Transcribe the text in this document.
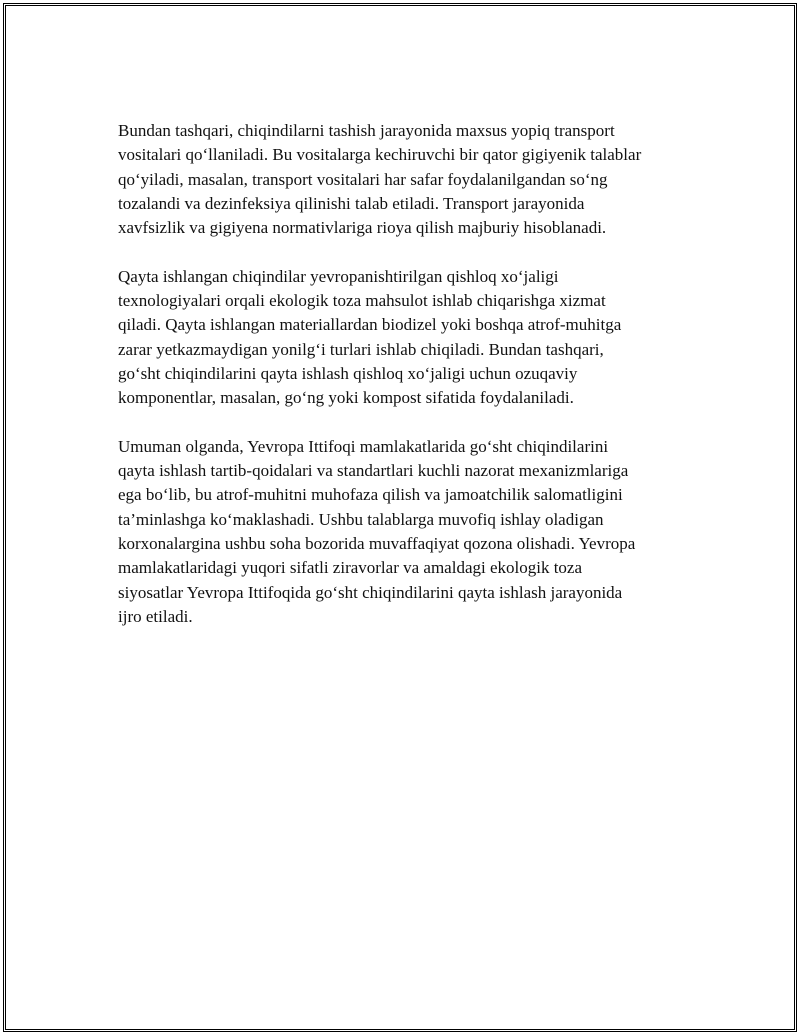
Bundan tashqari, chiqindilarni tashish jarayonida maxsus yopiq transport
vositalari qo‘llaniladi. Bu vositalarga kechiruvchi bir qator gigiyenik talablar
qo‘yiladi, masalan, transport vositalari har safar foydalanilgandan so‘ng
tozalandi va dezinfeksiya qilinishi talab etiladi. Transport jarayonida
xavfsizlik va gigiyena normativlariga rioya qilish majburiy hisoblanadi.

Qayta ishlangan chiqindilar yevropanishtirilgan qishloq xo‘jaligi
texnologiyalari orqali ekologik toza mahsulot ishlab chiqarishga xizmat
qiladi. Qayta ishlangan materiallardan biodizel yoki boshqa atrof-muhitga
zarar yetkazmaydigan yonilg‘i turlari ishlab chiqiladi. Bundan tashqari,
go‘sht chiqindilarini qayta ishlash qishloq xo‘jaligi uchun ozuqaviy
komponentlar, masalan, go‘ng yoki kompost sifatida foydalaniladi.

Umuman olganda, Yevropa Ittifoqi mamlakatlarida go‘sht chiqindilarini
qayta ishlash tartib-qoidalari va standartlari kuchli nazorat mexanizmlariga
ega bo‘lib, bu atrof-muhitni muhofaza qilish va jamoatchilik salomatligini
ta’minlashga ko‘maklashadi. Ushbu talablarga muvofiq ishlay oladigan
korxonalargina ushbu soha bozorida muvaffaqiyat qozona olishadi. Yevropa
mamlakatlaridagi yuqori sifatli ziravorlar va amaldagi ekologik toza
siyosatlar Yevropa Ittifoqida go‘sht chiqindilarini qayta ishlash jarayonida
ijro etiladi.
